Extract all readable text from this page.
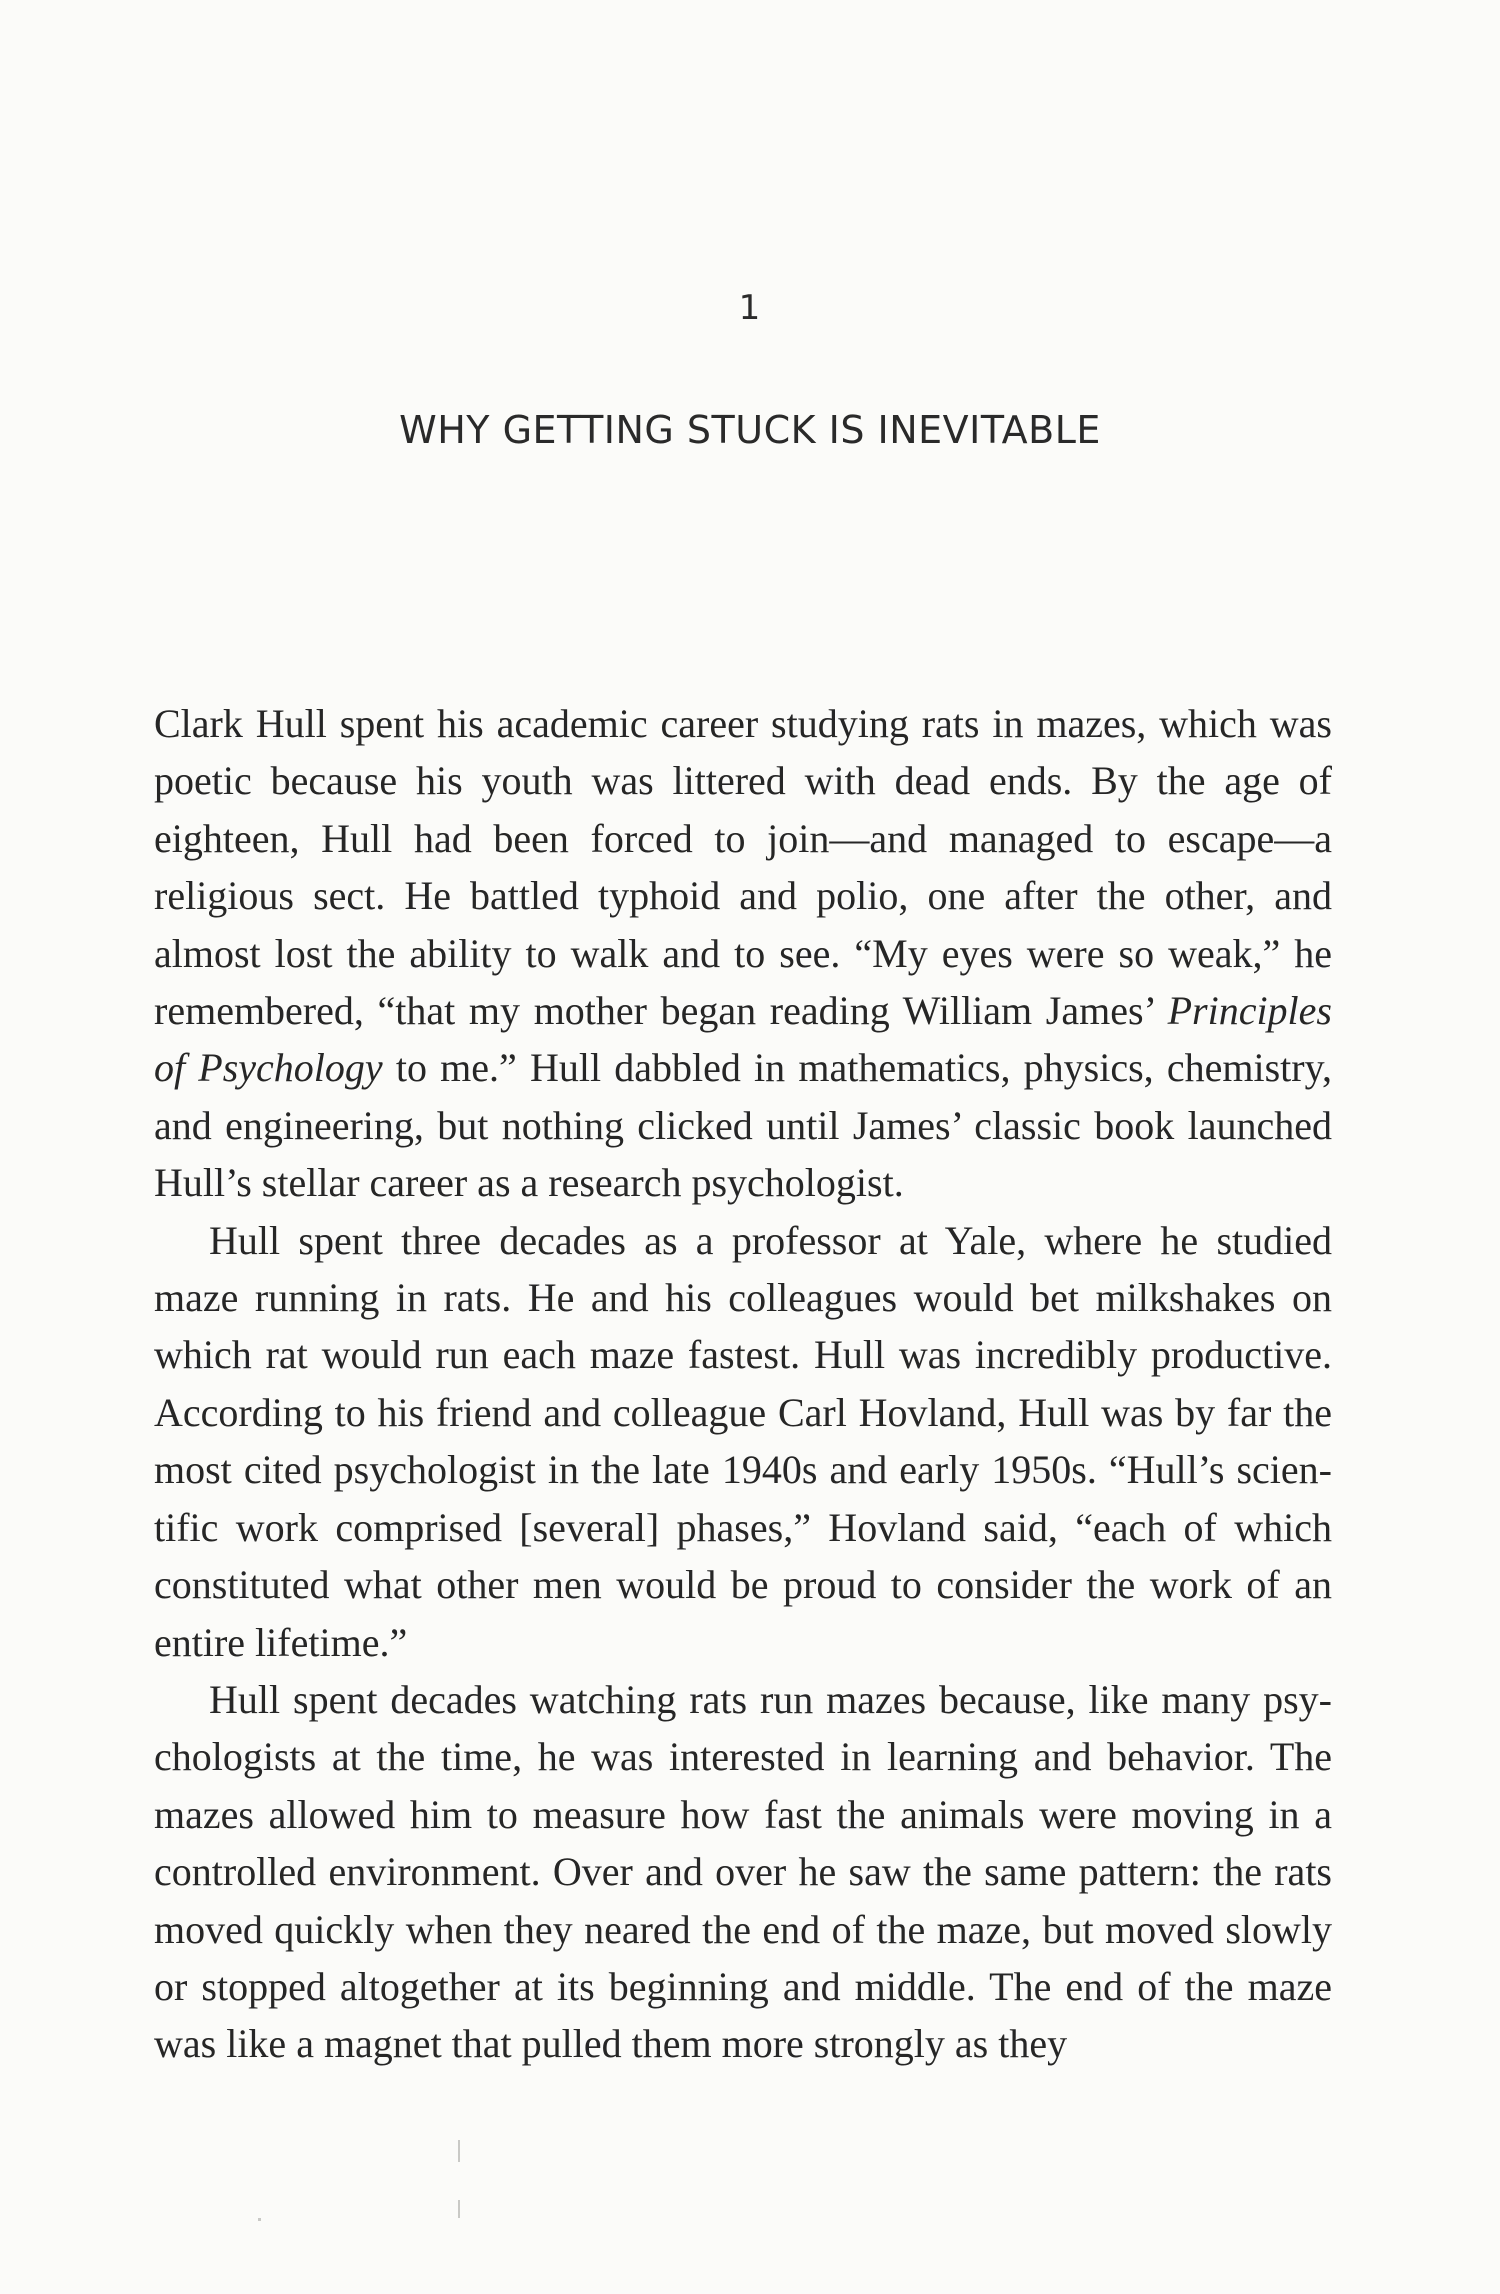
1
WHY GETTING STUCK IS INEVITABLE

Clark Hull spent his academic career studying rats in mazes, which was poetic because his youth was littered with dead ends. By the age of eighteen, Hull had been forced to join—and managed to escape—a religious sect. He battled typhoid and polio, one after the other, and almost lost the ability to walk and to see. “My eyes were so weak,” he remembered, “that my mother began reading William James’ Principles of Psychology to me.” Hull dabbled in mathematics, physics, chemistry, and engineering, but nothing clicked until James’ classic book launched Hull’s stellar career as a research psychologist.

Hull spent three decades as a professor at Yale, where he studied maze running in rats. He and his colleagues would bet milkshakes on which rat would run each maze fastest. Hull was incredibly productive. According to his friend and colleague Carl Hovland, Hull was by far the most cited psychologist in the late 1940s and early 1950s. “Hull’s scientific work comprised [several] phases,” Hovland said, “each of which constituted what other men would be proud to consider the work of an entire lifetime.”

Hull spent decades watching rats run mazes because, like many psychologists at the time, he was interested in learning and behavior. The mazes allowed him to measure how fast the animals were moving in a controlled environment. Over and over he saw the same pattern: the rats moved quickly when they neared the end of the maze, but moved slowly or stopped altogether at its beginning and middle. The end of the maze was like a magnet that pulled them more strongly as they
